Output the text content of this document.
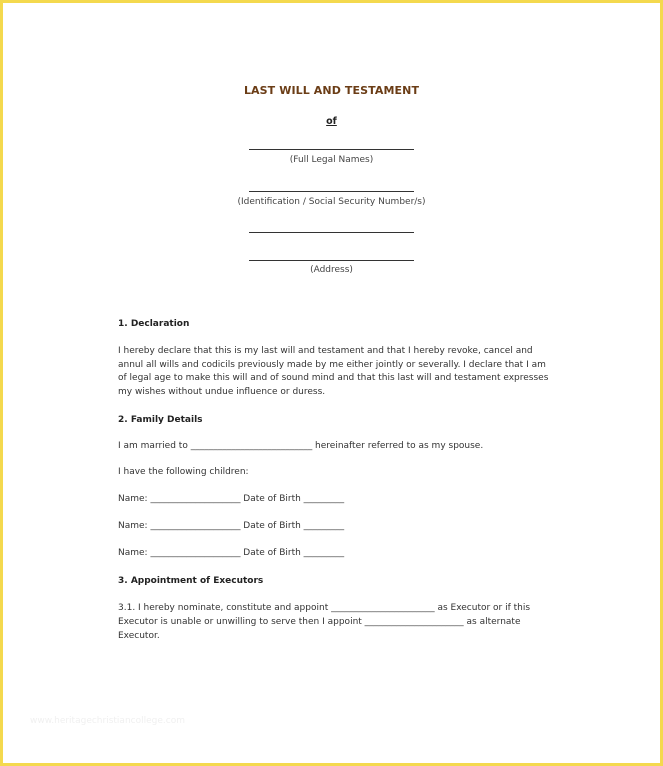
LAST WILL AND TESTAMENT
of
(Full Legal Names)
(Identification / Social Security Number/s)
(Address)
1. Declaration
I hereby declare that this is my last will and testament and that I hereby revoke, cancel and
annul all wills and codicils previously made by me either jointly or severally. I declare that I am
of legal age to make this will and of sound mind and that this last will and testament expresses
my wishes without undue influence or duress.
2. Family Details
I am married to ___________________________ hereinafter referred to as my spouse.
I have the following children:
Name: ____________________ Date of Birth _________
Name: ____________________ Date of Birth _________
Name: ____________________ Date of Birth _________
3. Appointment of Executors
3.1. I hereby nominate, constitute and appoint _______________________ as Executor or if this
Executor is unable or unwilling to serve then I appoint ______________________ as alternate
Executor.
www.heritagechristiancollege.com
